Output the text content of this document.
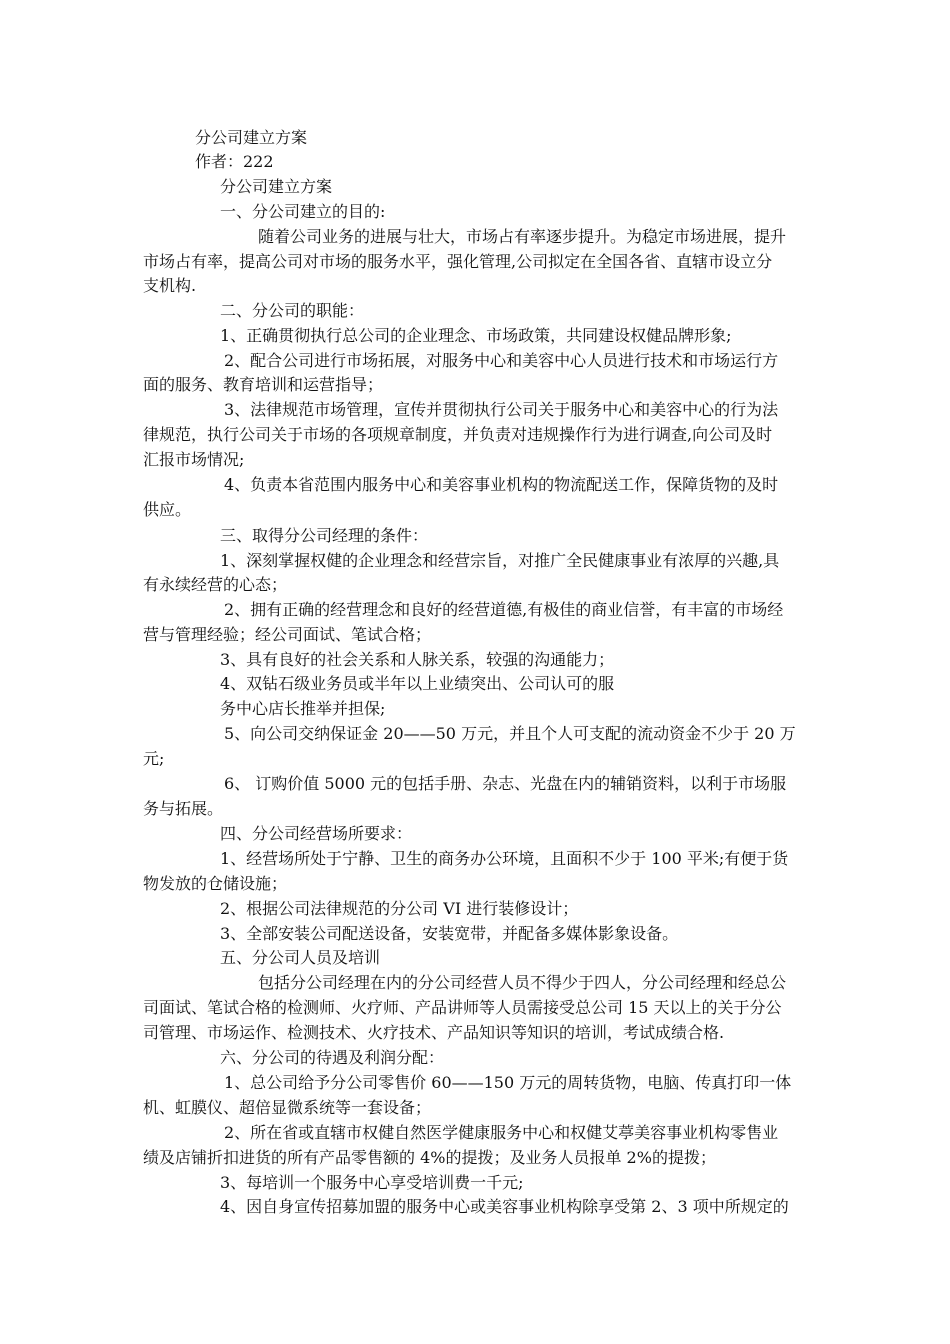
分公司建立方案

作者：222

分公司建立方案

一、分公司建立的目的:

随着公司业务的进展与壮大，市场占有率逐步提升。为稳定市场进展，提升

市场占有率，提高公司对市场的服务水平，强化管理,公司拟定在全国各省、直辖市设立分

支机构.

二、分公司的职能：

1、正确贯彻执行总公司的企业理念、市场政策，共同建设权健品牌形象;

2、配合公司进行市场拓展，对服务中心和美容中心人员进行技术和市场运行方

面的服务、教育培训和运营指导；

3、法律规范市场管理，宣传并贯彻执行公司关于服务中心和美容中心的行为法

律规范，执行公司关于市场的各项规章制度，并负责对违规操作行为进行调查,向公司及时

汇报市场情况;

4、负责本省范围内服务中心和美容事业机构的物流配送工作，保障货物的及时

供应。

三、取得分公司经理的条件：

1、深刻掌握权健的企业理念和经营宗旨，对推广全民健康事业有浓厚的兴趣,具

有永续经营的心态；

2、拥有正确的经营理念和良好的经营道德,有极佳的商业信誉，有丰富的市场经

营与管理经验；经公司面试、笔试合格；

3、具有良好的社会关系和人脉关系，较强的沟通能力；

4、双钻石级业务员或半年以上业绩突出、公司认可的服

务中心店长推举并担保;

5、向公司交纳保证金 20——50 万元，并且个人可支配的流动资金不少于 20 万

元;

6、 订购价值 5000 元的包括手册、杂志、光盘在内的辅销资料，以利于市场服

务与拓展。

四、分公司经营场所要求：

1、经营场所处于宁静、卫生的商务办公环境，且面积不少于 100 平米;有便于货

物发放的仓储设施；

2、根据公司法律规范的分公司 VI 进行装修设计；

3、全部安装公司配送设备，安装宽带，并配备多媒体影象设备。

五、分公司人员及培训

包括分公司经理在内的分公司经营人员不得少于四人，分公司经理和经总公

司面试、笔试合格的检测师、火疗师、产品讲师等人员需接受总公司 15 天以上的关于分公

司管理、市场运作、检测技术、火疗技术、产品知识等知识的培训，考试成绩合格.

六、分公司的待遇及利润分配：

1、总公司给予分公司零售价 60——150 万元的周转货物，电脑、传真打印一体

机、虹膜仪、超倍显微系统等一套设备；

2、所在省或直辖市权健自然医学健康服务中心和权健艾葶美容事业机构零售业

绩及店铺折扣进货的所有产品零售额的 4%的提拨；及业务人员报单 2%的提拨；

3、每培训一个服务中心享受培训费一千元;

4、因自身宣传招募加盟的服务中心或美容事业机构除享受第 2、3 项中所规定的
